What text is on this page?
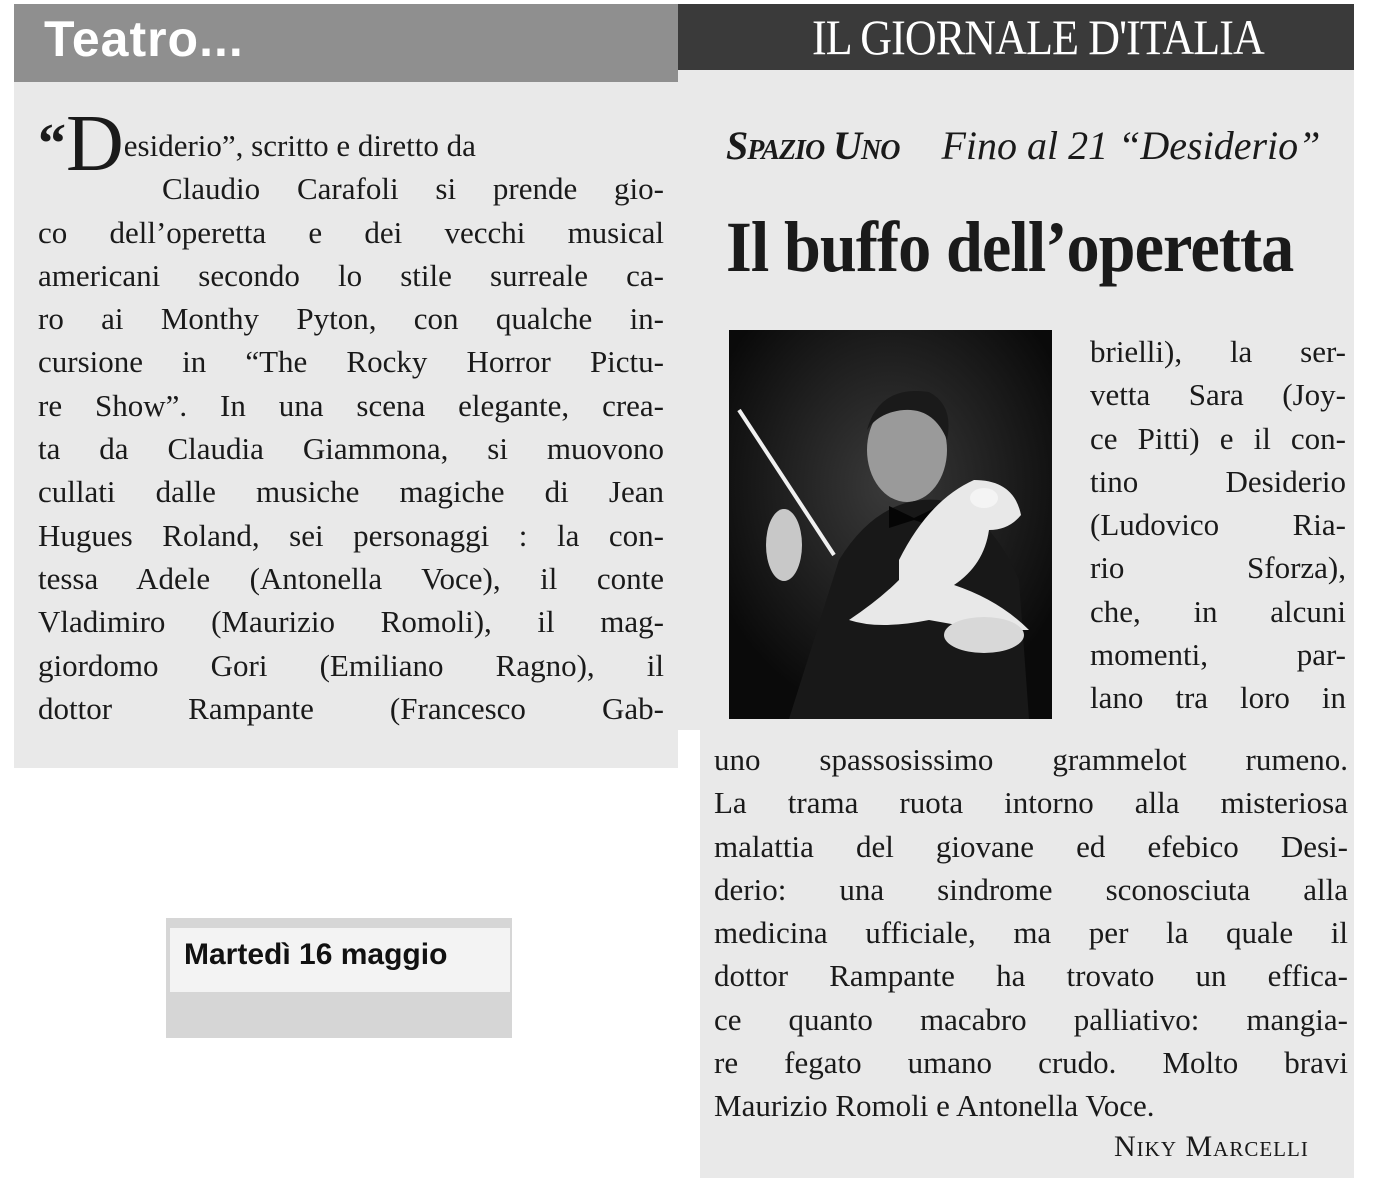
Teatro...	IL GIORNALE D'ITALIA
“Desiderio”, scritto e diretto da
Claudio Carafoli si prende gio-
co dell’operetta e dei vecchi musical
americani secondo lo stile surreale ca-
ro ai Monthy Pyton, con qualche in-
cursione in “The Rocky Horror Pictu-
re Show”. In una scena elegante, crea-
ta da Claudia Giammona, si muovono
cullati dalle musiche magiche di Jean
Hugues Roland, sei personaggi : la con-
tessa Adele (Antonella Voce), il conte
Vladimiro (Maurizio Romoli), il mag-
giordomo Gori (Emiliano Ragno), il
dottor Rampante (Francesco Gab-
Spazio Uno Fino al 21 “Desiderio”
Il buffo dell’operetta
brielli), la ser-
vetta Sara (Joy-
ce Pitti) e il con-
tino Desiderio
(Ludovico Ria-
rio Sforza),
che, in alcuni
momenti, par-
lano tra loro in
uno spassosissimo grammelot rumeno.
La trama ruota intorno alla misteriosa
malattia del giovane ed efebico Desi-
derio: una sindrome sconosciuta alla
medicina ufficiale, ma per la quale il
dottor Rampante ha trovato un effica-
ce quanto macabro palliativo: mangia-
re fegato umano crudo. Molto bravi
Maurizio Romoli e Antonella Voce.
Niky Marcelli
Martedì 16 maggio
